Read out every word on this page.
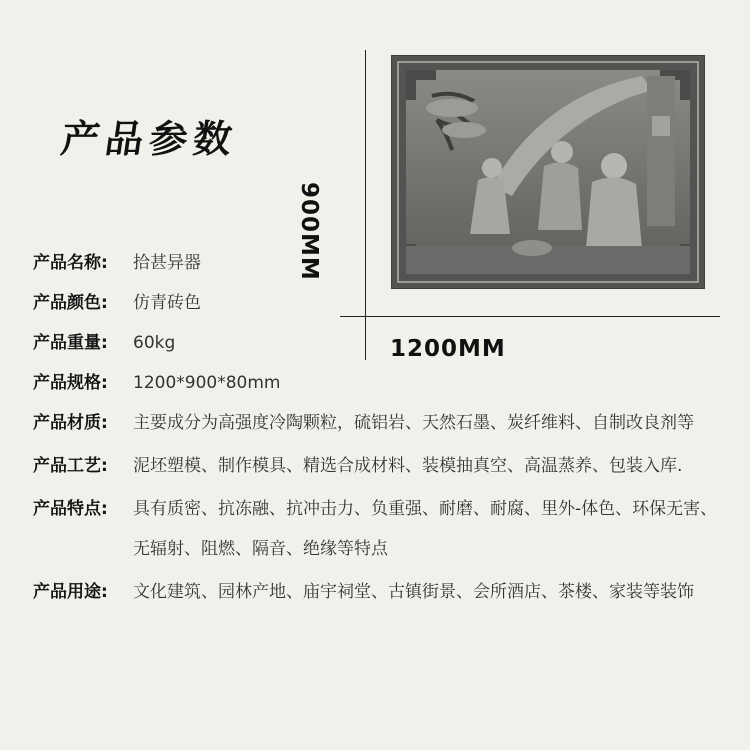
产品参数
900MM
1200MM
产品名称:	拾甚异器
产品颜色:	仿青砖色
产品重量:	60kg
产品规格:	1200*900*80mm
产品材质:	主要成分为高强度冷陶颗粒，硫铝岩、天然石墨、炭纤维料、自制改良剂等
产品工艺:	泥坯塑模、制作模具、精选合成材料、装模抽真空、高温蒸养、包装入库.
产品特点:	具有质密、抗冻融、抗冲击力、负重强、耐磨、耐腐、里外-体色、环保无害、无辐射、阻燃、隔音、绝缘等特点
产品用途:	文化建筑、园林产地、庙宇祠堂、古镇街景、会所酒店、茶楼、家装等装饰
